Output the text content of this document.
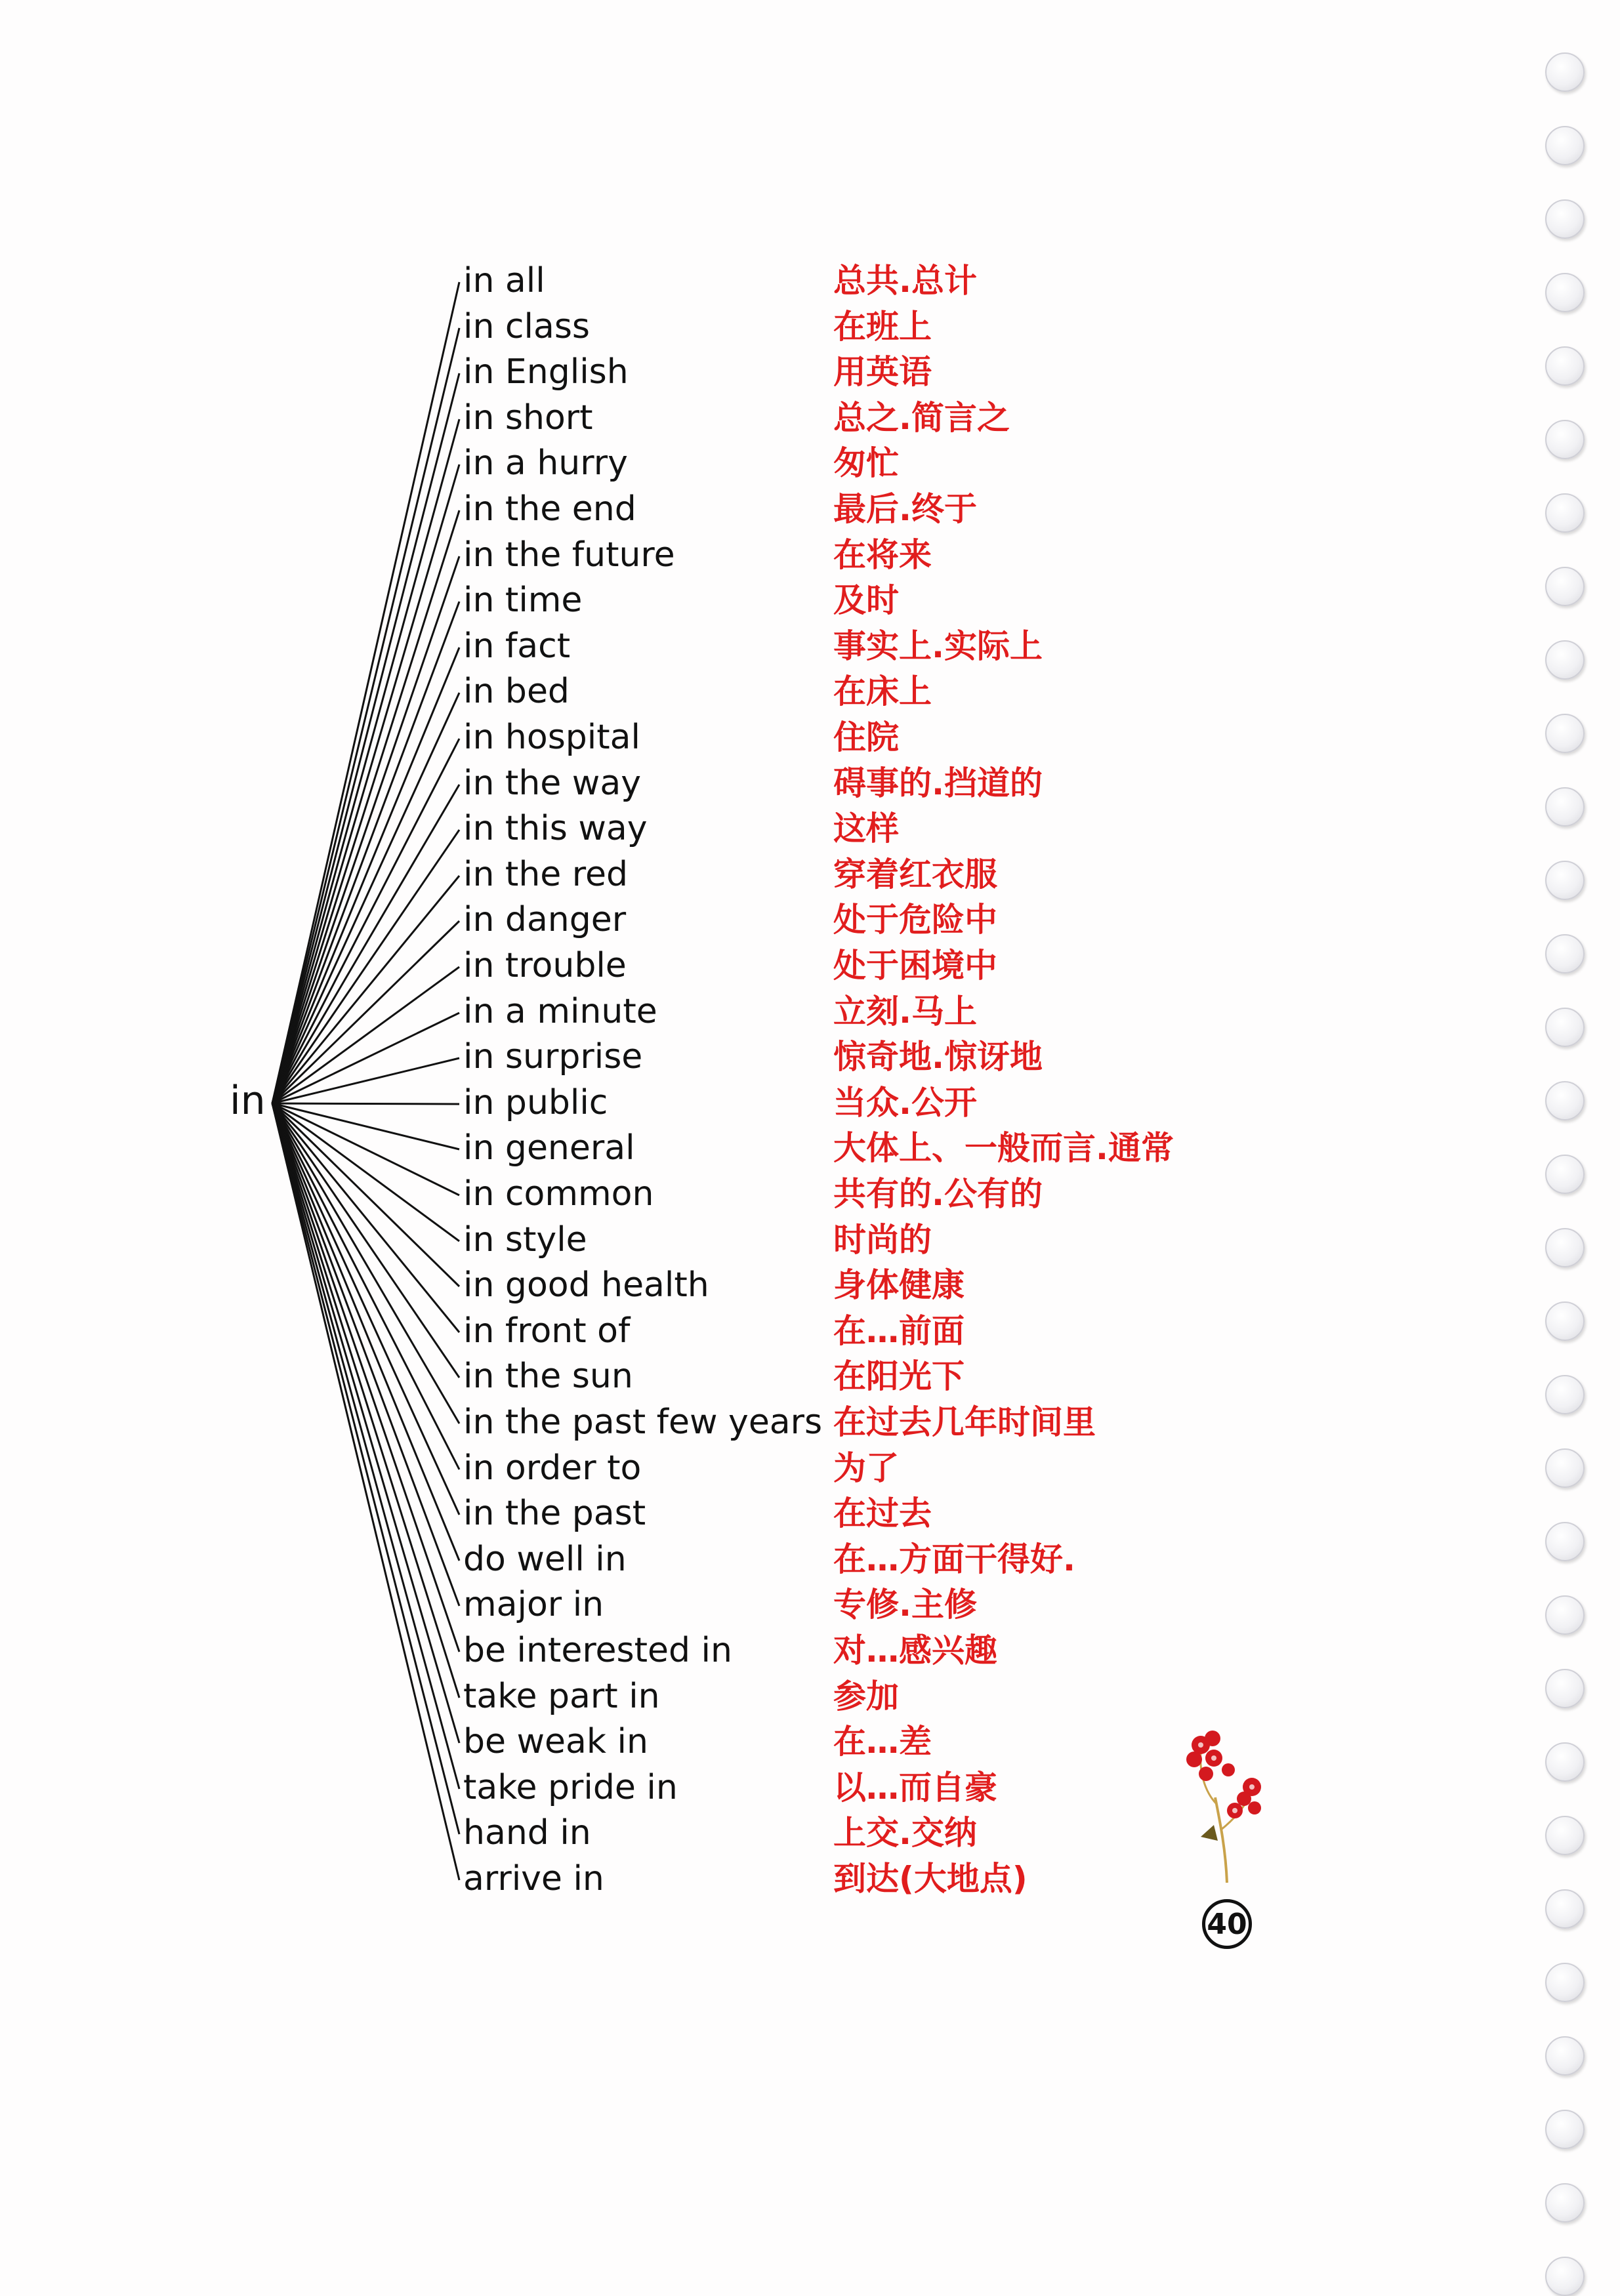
in
in all	总共.总计
in class	在班上
in English	用英语
in short	总之.简言之
in a hurry	匆忙
in the end	最后.终于
in the future	在将来
in time	及时
in fact	事实上.实际上
in bed	在床上
in hospital	住院
in the way	碍事的.挡道的
in this way	这样
in the red	穿着红衣服
in danger	处于危险中
in trouble	处于困境中
in a minute	立刻.马上
in surprise	惊奇地.惊讶地
in public	当众.公开
in general	大体上、一般而言.通常
in common	共有的.公有的
in style	时尚的
in good health	身体健康
in front of	在…前面
in the sun	在阳光下
in the past few years 在过去几年时间里
in order to	为了
in the past	在过去
do well in	在…方面干得好.
major in	专修.主修
be interested in	对…感兴趣
take part in	参加
be weak in	在…差
take pride in	以…而自豪
hand in	上交.交纳
arrive in	到达(大地点)
40
